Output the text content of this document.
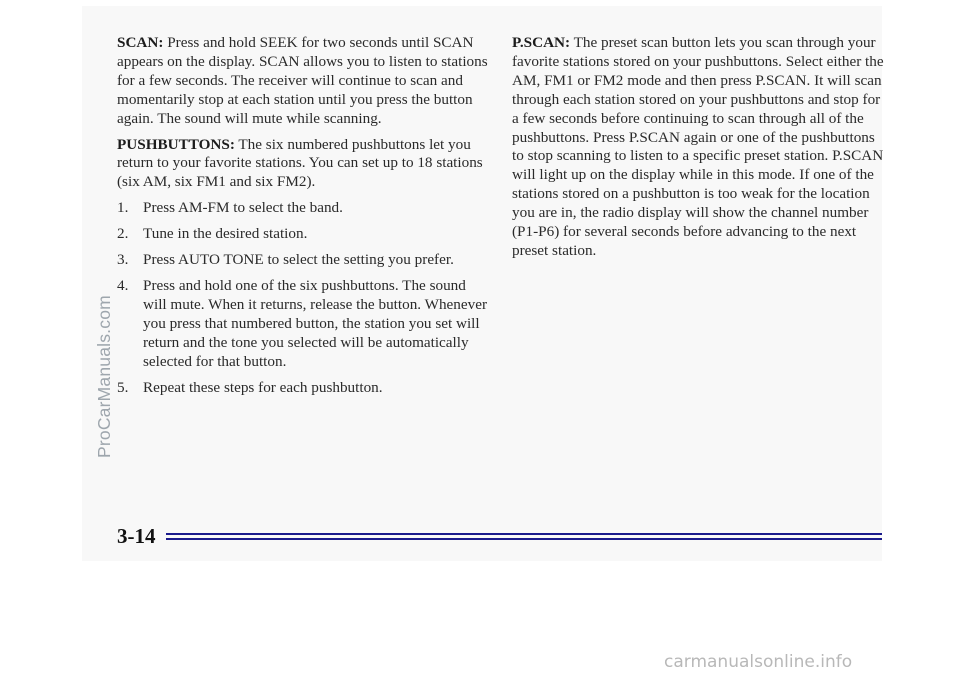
SCAN: Press and hold SEEK for two seconds until SCAN appears on the display. SCAN allows you to listen to stations for a few seconds. The receiver will continue to scan and momentarily stop at each station until you press the button again. The sound will mute while scanning.

PUSHBUTTONS: The six numbered pushbuttons let you return to your favorite stations. You can set up to 18 stations (six AM, six FM1 and six FM2).

1. Press AM-FM to select the band.
2. Tune in the desired station.
3. Press AUTO TONE to select the setting you prefer.
4. Press and hold one of the six pushbuttons. The sound will mute. When it returns, release the button. Whenever you press that numbered button, the station you set will return and the tone you selected will be automatically selected for that button.
5. Repeat these steps for each pushbutton.

P.SCAN: The preset scan button lets you scan through your favorite stations stored on your pushbuttons. Select either the AM, FM1 or FM2 mode and then press P.SCAN. It will scan through each station stored on your pushbuttons and stop for a few seconds before continuing to scan through all of the pushbuttons. Press P.SCAN again or one of the pushbuttons to stop scanning to listen to a specific preset station. P.SCAN will light up on the display while in this mode. If one of the stations stored on a pushbutton is too weak for the location you are in, the radio display will show the channel number (P1-P6) for several seconds before advancing to the next preset station.

3-14
ProCarManuals.com
carmanualsonline.info
